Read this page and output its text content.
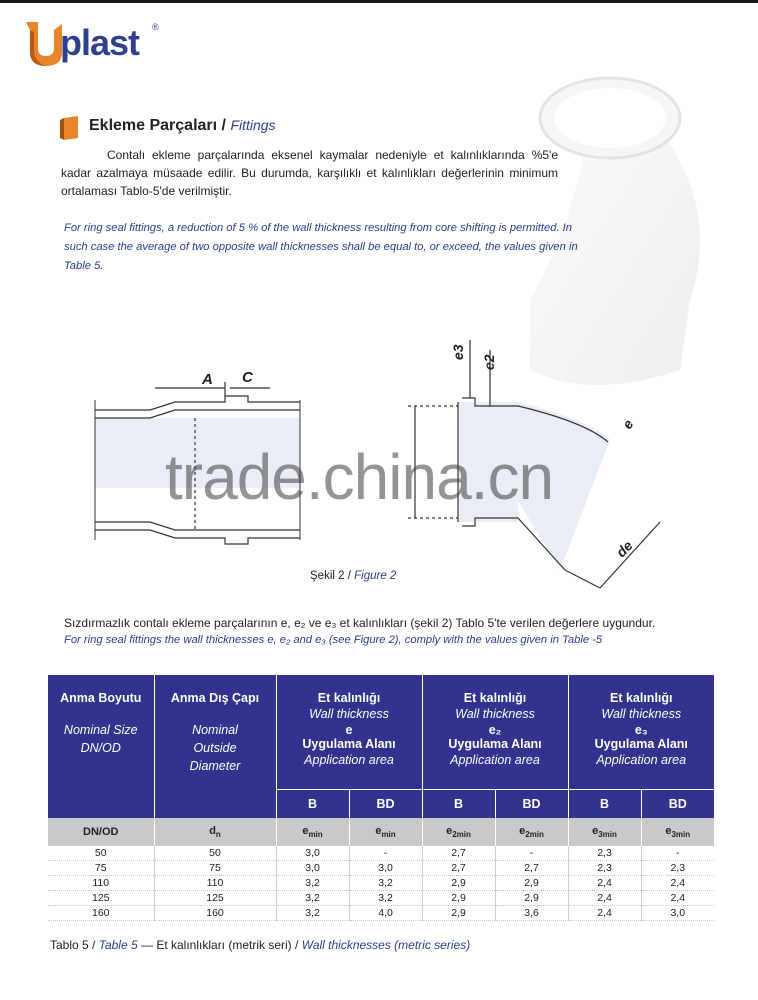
plast ®
Ekleme Parçaları / Fittings
Contalı ekleme parçalarında eksenel kaymalar nedeniyle et kalınlıklarında %5'e kadar azalmaya müsaade edilir. Bu durumda, karşılıklı et kalınlıkları değerlerinin minimum ortalaması Tablo-5'de verilmiştir.
For ring seal fittings, a reduction of 5 % of the wall thickness resulting from core shifting is permitted. In such case the average of two opposite wall thicknesses shall be equal to, or exceed, the values given in Table 5.
A C
e3
e2
e
de
trade.china.cn
Şekil 2 / Figure 2
Sızdırmazlık contalı ekleme parçalarının e, e₂ ve e₃ et kalınlıkları (şekil 2) Tablo 5'te verilen değerlere uygundur.
For ring seal fittings the wall thicknesses e, e₂ and e₃ (see Figure 2), comply with the values given in Table -5
Anma Boyutu
Nominal Size DN/OD	Anma Dış Çapı
Nominal
Outside
Diameter	Et kalınlığı
Wall thickness
e
Uygulama Alanı
Application area		Et kalınlığı
Wall thickness
e₂
Uygulama Alanı
Application area		Et kalınlığı
Wall thickness
e₃
Uygulama Alanı
Application area	

		B	BD	B	BD	B	BD
DN/OD	$d_n$	$e_{min}$	$e_{min}$	$e_{2min}$	$e_{2min}$	$e_{3min}$	$e_{3min}$
50	50	3,0	-	2,7	-	2,3	-
75	75	3,0	3,0	2,7	2,7	2,3	2,3
110	110	3,2	3,2	2,9	2,9	2,4	2,4
125	125	3,2	3,2	2,9	2,9	2,4	2,4
160	160	3,2	4,0	2,9	3,6	2,4	3,0
Tablo 5 / Table 5 — Et kalınlıkları (metrik seri) / Wall thicknesses (metric series)
